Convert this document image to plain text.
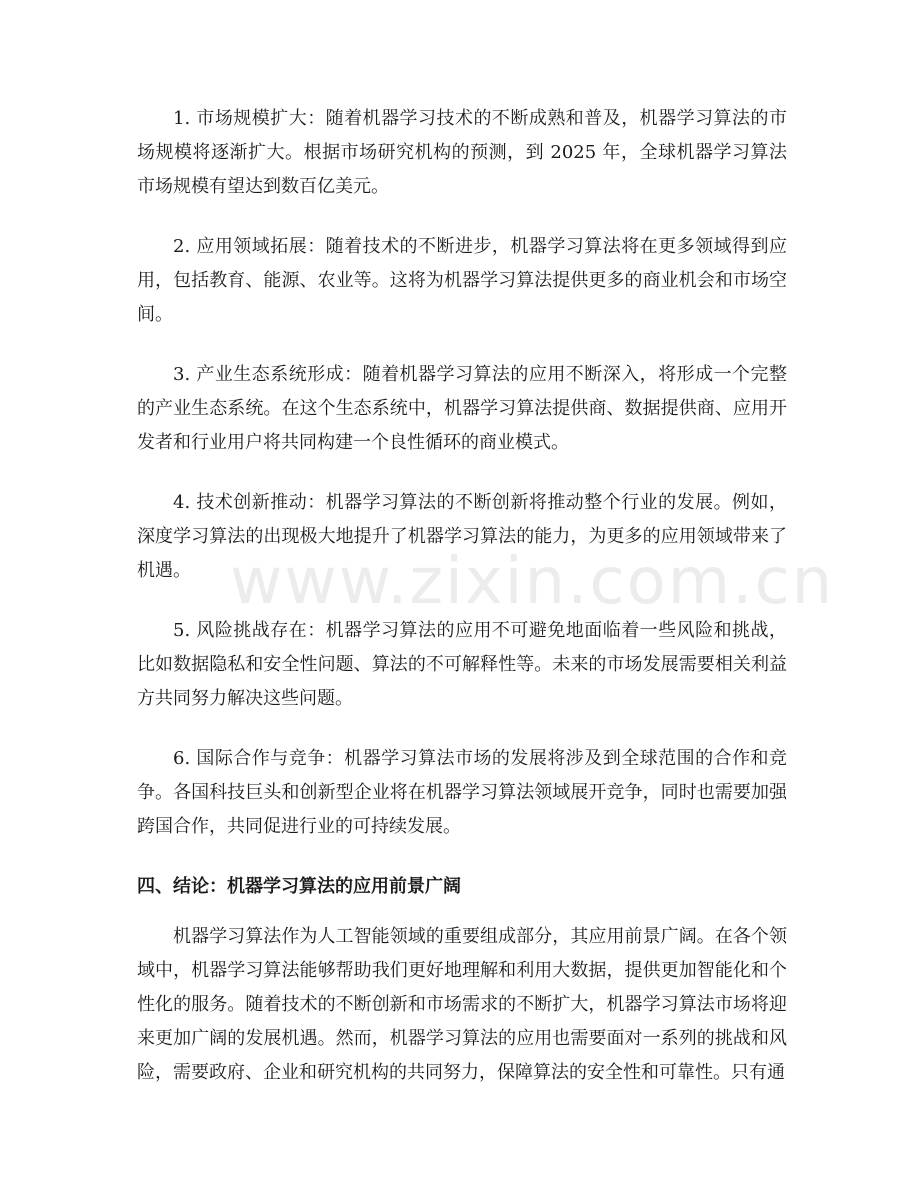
1. 市场规模扩大：随着机器学习技术的不断成熟和普及，机器学习算法的市场规模将逐渐扩大。根据市场研究机构的预测，到 2025 年，全球机器学习算法市场规模有望达到数百亿美元。

2. 应用领域拓展：随着技术的不断进步，机器学习算法将在更多领域得到应用，包括教育、能源、农业等。这将为机器学习算法提供更多的商业机会和市场空间。

3. 产业生态系统形成：随着机器学习算法的应用不断深入，将形成一个完整的产业生态系统。在这个生态系统中，机器学习算法提供商、数据提供商、应用开发者和行业用户将共同构建一个良性循环的商业模式。

4. 技术创新推动：机器学习算法的不断创新将推动整个行业的发展。例如，深度学习算法的出现极大地提升了机器学习算法的能力，为更多的应用领域带来了机遇。

5. 风险挑战存在：机器学习算法的应用不可避免地面临着一些风险和挑战，比如数据隐私和安全性问题、算法的不可解释性等。未来的市场发展需要相关利益方共同努力解决这些问题。

6. 国际合作与竞争：机器学习算法市场的发展将涉及到全球范围的合作和竞争。各国科技巨头和创新型企业将在机器学习算法领域展开竞争，同时也需要加强跨国合作，共同促进行业的可持续发展。

四、结论：机器学习算法的应用前景广阔

机器学习算法作为人工智能领域的重要组成部分，其应用前景广阔。在各个领域中，机器学习算法能够帮助我们更好地理解和利用大数据，提供更加智能化和个性化的服务。随着技术的不断创新和市场需求的不断扩大，机器学习算法市场将迎来更加广阔的发展机遇。然而，机器学习算法的应用也需要面对一系列的挑战和风险，需要政府、企业和研究机构的共同努力，保障算法的安全性和可靠性。只有通

www.zixin.com.cn
